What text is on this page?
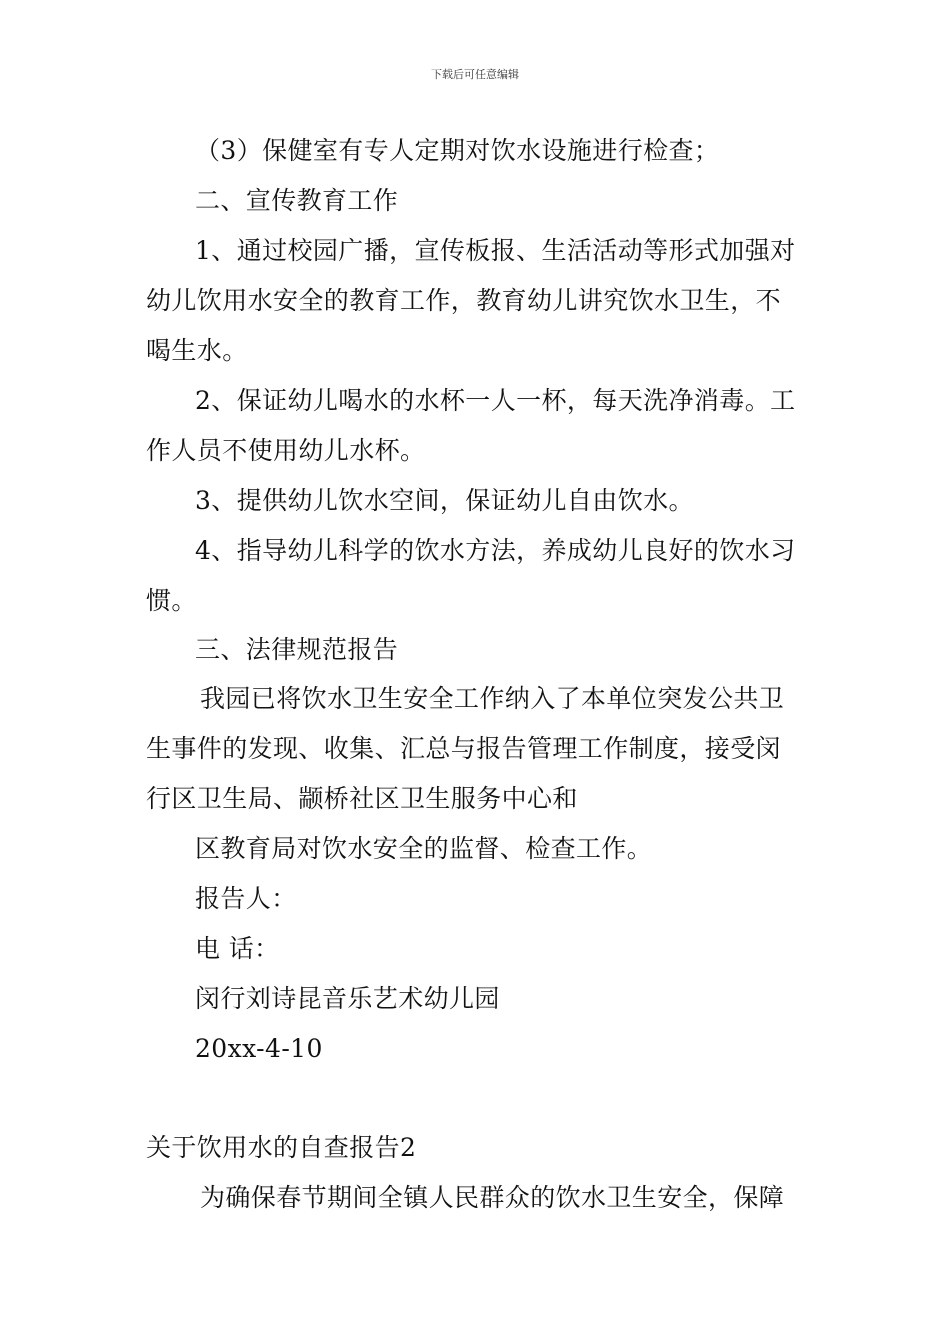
下载后可任意编辑
（3）保健室有专人定期对饮水设施进行检查；
二、宣传教育工作
1、通过校园广播，宣传板报、生活活动等形式加强对
幼儿饮用水安全的教育工作，教育幼儿讲究饮水卫生，不
喝生水。
2、保证幼儿喝水的水杯一人一杯，每天洗净消毒。工
作人员不使用幼儿水杯。
3、提供幼儿饮水空间，保证幼儿自由饮水。
4、指导幼儿科学的饮水方法，养成幼儿良好的饮水习
惯。
三、法律规范报告
我园已将饮水卫生安全工作纳入了本单位突发公共卫
生事件的发现、收集、汇总与报告管理工作制度，接受闵
行区卫生局、颛桥社区卫生服务中心和
区教育局对饮水安全的监督、检查工作。
报告人：
电 话：
闵行刘诗昆音乐艺术幼儿园
20xx-4-10
关于饮用水的自查报告2
为确保春节期间全镇人民群众的饮水卫生安全，保障
